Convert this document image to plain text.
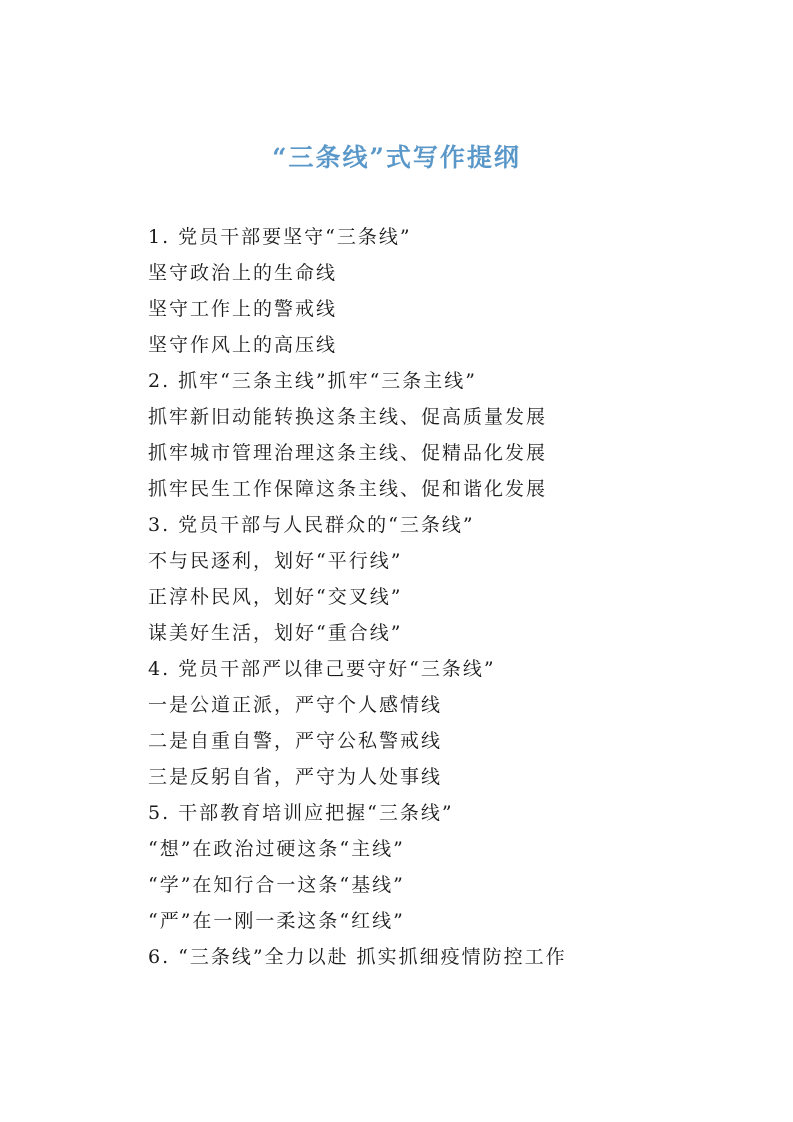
“三条线”式写作提纲
1. 党员干部要坚守“三条线”
坚守政治上的生命线
坚守工作上的警戒线
坚守作风上的高压线
2. 抓牢“三条主线”抓牢“三条主线”
抓牢新旧动能转换这条主线、促高质量发展
抓牢城市管理治理这条主线、促精品化发展
抓牢民生工作保障这条主线、促和谐化发展
3. 党员干部与人民群众的“三条线”
不与民逐利，划好“平行线”
正淳朴民风，划好“交叉线”
谋美好生活，划好“重合线”
4. 党员干部严以律己要守好“三条线”
一是公道正派，严守个人感情线
二是自重自警，严守公私警戒线
三是反躬自省，严守为人处事线
5. 干部教育培训应把握“三条线”
“想”在政治过硬这条“主线”
“学”在知行合一这条“基线”
“严”在一刚一柔这条“红线”
6. “三条线”全力以赴 抓实抓细疫情防控工作
